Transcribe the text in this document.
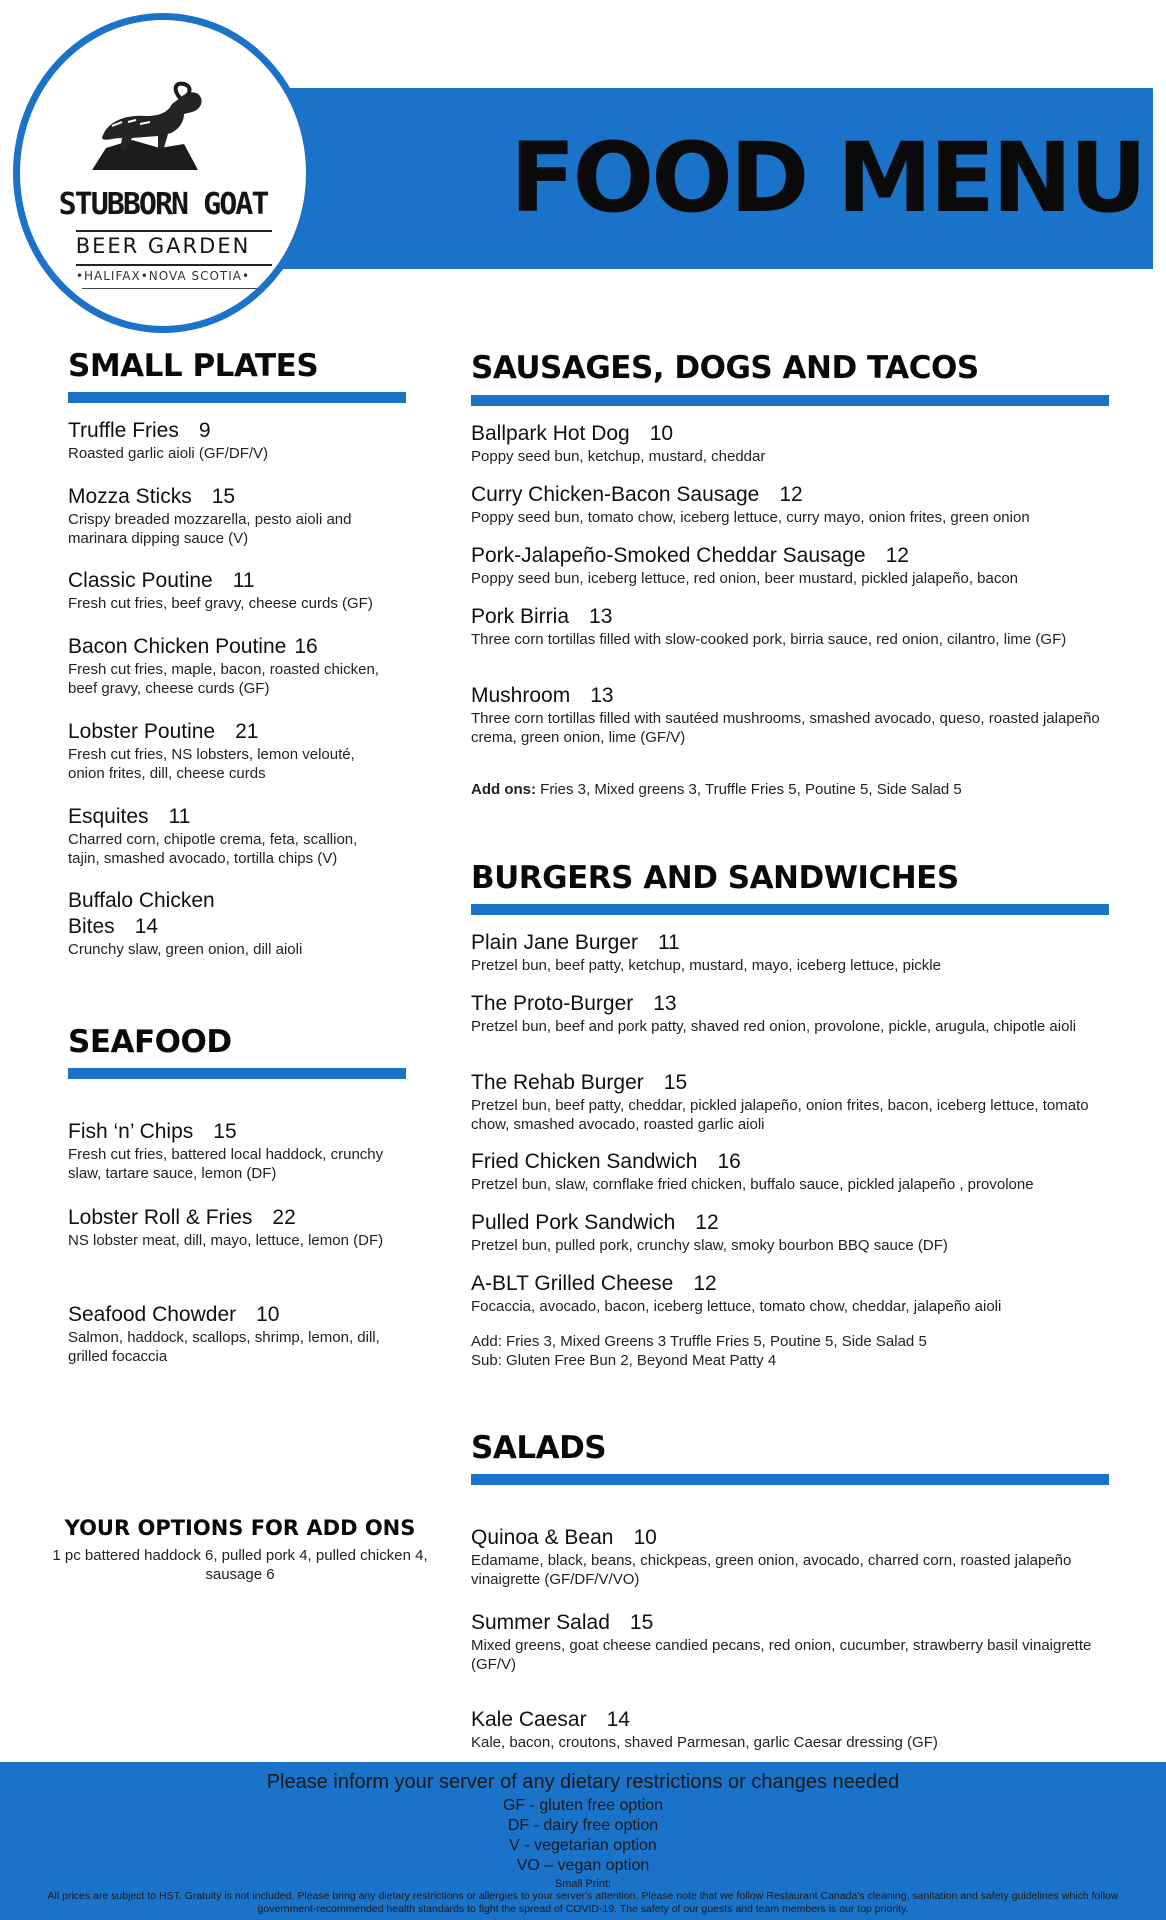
FOOD MENU
STUBBORN GOAT
BEER GARDEN
•HALIFAX•NOVA SCOTIA•
SMALL PLATES
Truffle Fries 9
Roasted garlic aioli (GF/DF/V)
Mozza Sticks 15
Crispy breaded mozzarella, pesto aioli and marinara dipping sauce (V)
Classic Poutine 11
Fresh cut fries, beef gravy, cheese curds (GF)
Bacon Chicken Poutine 16
Fresh cut fries, maple, bacon, roasted chicken, beef gravy, cheese curds (GF)
Lobster Poutine 21
Fresh cut fries, NS lobsters, lemon velouté, onion frites, dill, cheese curds
Esquites 11
Charred corn, chipotle crema, feta, scallion, tajin, smashed avocado, tortilla chips (V)
Buffalo Chicken Bites 14
Crunchy slaw, green onion, dill aioli
SEAFOOD
Fish ‘n’ Chips 15
Fresh cut fries, battered local haddock, crunchy slaw, tartare sauce, lemon (DF)
Lobster Roll & Fries 22
NS lobster meat, dill, mayo, lettuce, lemon (DF)
Seafood Chowder 10
Salmon, haddock, scallops, shrimp, lemon, dill, grilled focaccia
YOUR OPTIONS FOR ADD ONS
1 pc battered haddock 6, pulled pork 4, pulled chicken 4, sausage 6
SAUSAGES, DOGS AND TACOS
Ballpark Hot Dog 10
Poppy seed bun, ketchup, mustard, cheddar
Curry Chicken-Bacon Sausage 12
Poppy seed bun, tomato chow, iceberg lettuce, curry mayo, onion frites, green onion
Pork-Jalapeño-Smoked Cheddar Sausage 12
Poppy seed bun, iceberg lettuce, red onion, beer mustard, pickled jalapeño, bacon
Pork Birria 13
Three corn tortillas filled with slow-cooked pork, birria sauce, red onion, cilantro, lime (GF)
Mushroom 13
Three corn tortillas filled with sautéed mushrooms, smashed avocado, queso, roasted jalapeño crema, green onion, lime (GF/V)
Add ons: Fries 3, Mixed greens 3, Truffle Fries 5, Poutine 5, Side Salad 5
BURGERS AND SANDWICHES
Plain Jane Burger 11
Pretzel bun, beef patty, ketchup, mustard, mayo, iceberg lettuce, pickle
The Proto-Burger 13
Pretzel bun, beef and pork patty, shaved red onion, provolone, pickle, arugula, chipotle aioli
The Rehab Burger 15
Pretzel bun, beef patty, cheddar, pickled jalapeño, onion frites, bacon, iceberg lettuce, tomato chow, smashed avocado, roasted garlic aioli
Fried Chicken Sandwich 16
Pretzel bun, slaw, cornflake fried chicken, buffalo sauce, pickled jalapeño , provolone
Pulled Pork Sandwich 12
Pretzel bun, pulled pork, crunchy slaw, smoky bourbon BBQ sauce (DF)
A-BLT Grilled Cheese 12
Focaccia, avocado, bacon, iceberg lettuce, tomato chow, cheddar, jalapeño aioli
Add: Fries 3, Mixed Greens 3 Truffle Fries 5, Poutine 5, Side Salad 5
Sub: Gluten Free Bun 2, Beyond Meat Patty 4
SALADS
Quinoa & Bean 10
Edamame, black, beans, chickpeas, green onion, avocado, charred corn, roasted jalapeño vinaigrette (GF/DF/V/VO)
Summer Salad 15
Mixed greens, goat cheese candied pecans, red onion, cucumber, strawberry basil vinaigrette (GF/V)
Kale Caesar 14
Kale, bacon, croutons, shaved Parmesan, garlic Caesar dressing (GF)
Please inform your server of any dietary restrictions or changes needed
GF - gluten free option
DF - dairy free option
V - vegetarian option
VO – vegan option
Small Print:
All prices are subject to HST. Gratuity is not included. Please bring any dietary restrictions or allergies to your server's attention. Please note that we follow Restaurant Canada's cleaning, sanitation and safety guidelines which follow government-recommended health standards to fight the spread of COVID-19. The safety of our guests and team members is our top priority.
